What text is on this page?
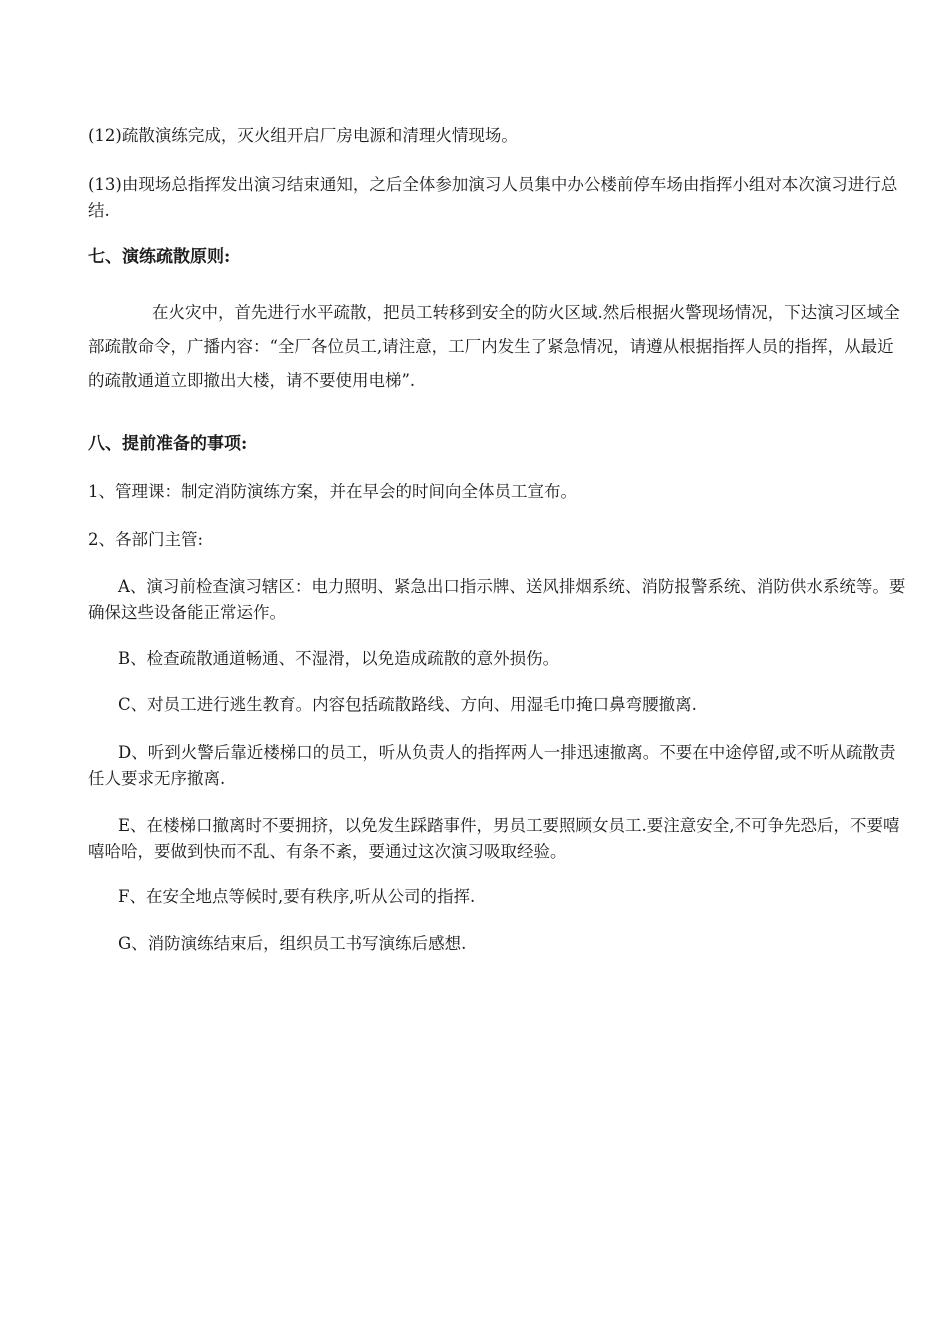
(12)疏散演练完成，灭火组开启厂房电源和清理火情现场。

(13)由现场总指挥发出演习结束通知，之后全体参加演习人员集中办公楼前停车场由指挥小组对本次演习进行总结.

七、演练疏散原则:

在火灾中，首先进行水平疏散，把员工转移到安全的防火区域.然后根据火警现场情况，下达演习区域全部疏散命令，广播内容：“全厂各位员工,请注意，工厂内发生了紧急情况，请遵从根据指挥人员的指挥，从最近的疏散通道立即撤出大楼，请不要使用电梯”.

八、提前准备的事项:

1、管理课：制定消防演练方案，并在早会的时间向全体员工宣布。

2、各部门主管:

A、演习前检查演习辖区：电力照明、紧急出口指示牌、送风排烟系统、消防报警系统、消防供水系统等。要确保这些设备能正常运作。

B、检查疏散通道畅通、不湿滑，以免造成疏散的意外损伤。

C、对员工进行逃生教育。内容包括疏散路线、方向、用湿毛巾掩口鼻弯腰撤离.

D、听到火警后靠近楼梯口的员工，听从负责人的指挥两人一排迅速撤离。不要在中途停留,或不听从疏散责任人要求无序撤离.

E、在楼梯口撤离时不要拥挤，以免发生踩踏事件，男员工要照顾女员工.要注意安全,不可争先恐后，不要嘻嘻哈哈，要做到快而不乱、有条不紊，要通过这次演习吸取经验。

F、在安全地点等候时,要有秩序,听从公司的指挥.

G、消防演练结束后，组织员工书写演练后感想.
